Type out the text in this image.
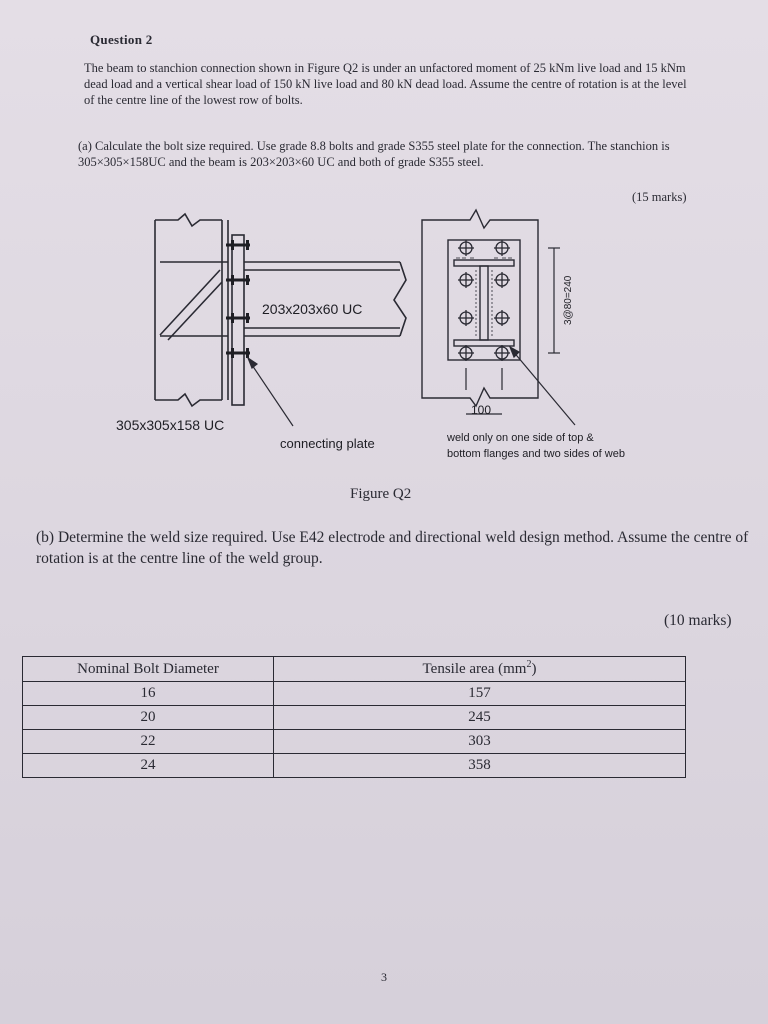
Question 2
The beam to stanchion connection shown in Figure Q2 is under an unfactored moment of 25 kNm live load and 15 kNm dead load and a vertical shear load of 150 kN live load and 80 kN dead load. Assume the centre of rotation is at the level of the centre line of the lowest row of bolts.
(a) Calculate the bolt size required. Use grade 8.8 bolts and grade S355 steel plate for the connection. The stanchion is 305×305×158UC and the beam is 203×203×60 UC and both of grade S355 steel.
(15 marks)
203x203x60 UC
305x305x158 UC
connecting plate
3@80=240
100
weld only on one side of top &
bottom flanges and two sides of web
Figure Q2
(b) Determine the weld size required. Use E42 electrode and directional weld design method. Assume the centre of rotation is at the centre line of the weld group.
(10 marks)
Nominal Bolt Diameter	Tensile area $(mm^2)$
16	157
20	245
22	303
24	358
3
